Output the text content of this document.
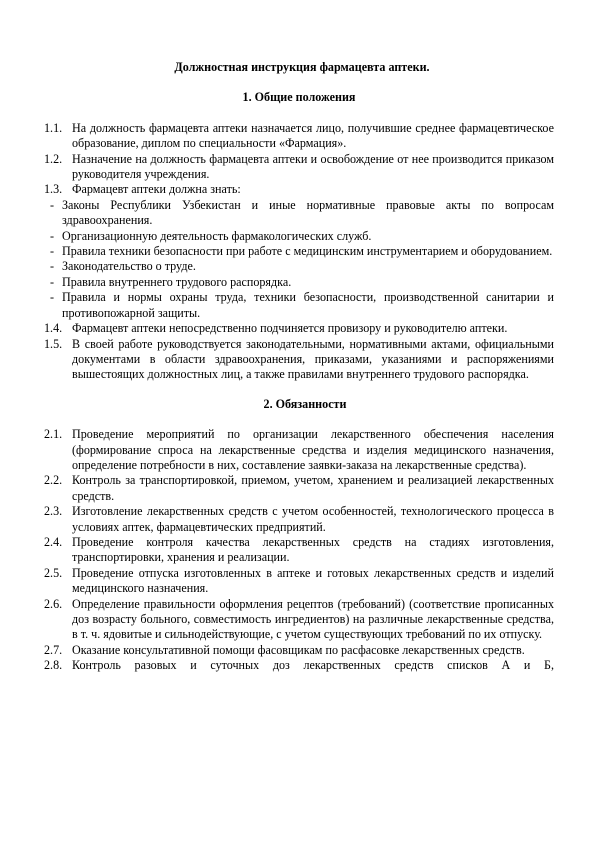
Должностная инструкция фармацевта аптеки.
1. Общие положения
1.1. На должность фармацевта аптеки назначается лицо, получившие среднее фармацевтическое образование, диплом по специальности «Фармация».
1.2. Назначение на должность фармацевта аптеки и освобождение от нее производится приказом руководителя учреждения.
1.3. Фармацевт аптеки должна знать:
- Законы Республики Узбекистан и иные нормативные правовые акты по вопросам здравоохранения.
- Организационную деятельность фармакологических служб.
- Правила техники безопасности при работе с медицинским инструментарием и оборудованием.
- Законодательство о труде.
- Правила внутреннего трудового распорядка.
- Правила и нормы охраны труда, техники безопасности, производственной санитарии и противопожарной защиты.
1.4. Фармацевт аптеки непосредственно подчиняется провизору и руководителю аптеки.
1.5. В своей работе руководствуется законодательными, нормативными актами, официальными документами в области здравоохранения, приказами, указаниями и распоряжениями вышестоящих должностных лиц, а также правилами внутреннего трудового распорядка.
2. Обязанности
2.1. Проведение мероприятий по организации лекарственного обеспечения населения (формирование спроса на лекарственные средства и изделия медицинского назначения, определение потребности в них, составление заявки-заказа на лекарственные средства).
2.2. Контроль за транспортировкой, приемом, учетом, хранением и реализацией лекарственных средств.
2.3. Изготовление лекарственных средств с учетом особенностей, технологического процесса в условиях аптек, фармацевтических предприятий.
2.4. Проведение контроля качества лекарственных средств на стадиях изготовления, транспортировки, хранения и реализации.
2.5. Проведение отпуска изготовленных в аптеке и готовых лекарственных средств и изделий медицинского назначения.
2.6. Определение правильности оформления рецептов (требований) (соответствие прописанных доз возрасту больного, совместимость ингредиентов) на различные лекарственные средства, в т. ч. ядовитые и сильнодействующие, с учетом существующих требований по их отпуску.
2.7. Оказание консультативной помощи фасовщикам по расфасовке лекарственных средств.
2.8. Контроль разовых и суточных доз лекарственных средств списков А и Б,
